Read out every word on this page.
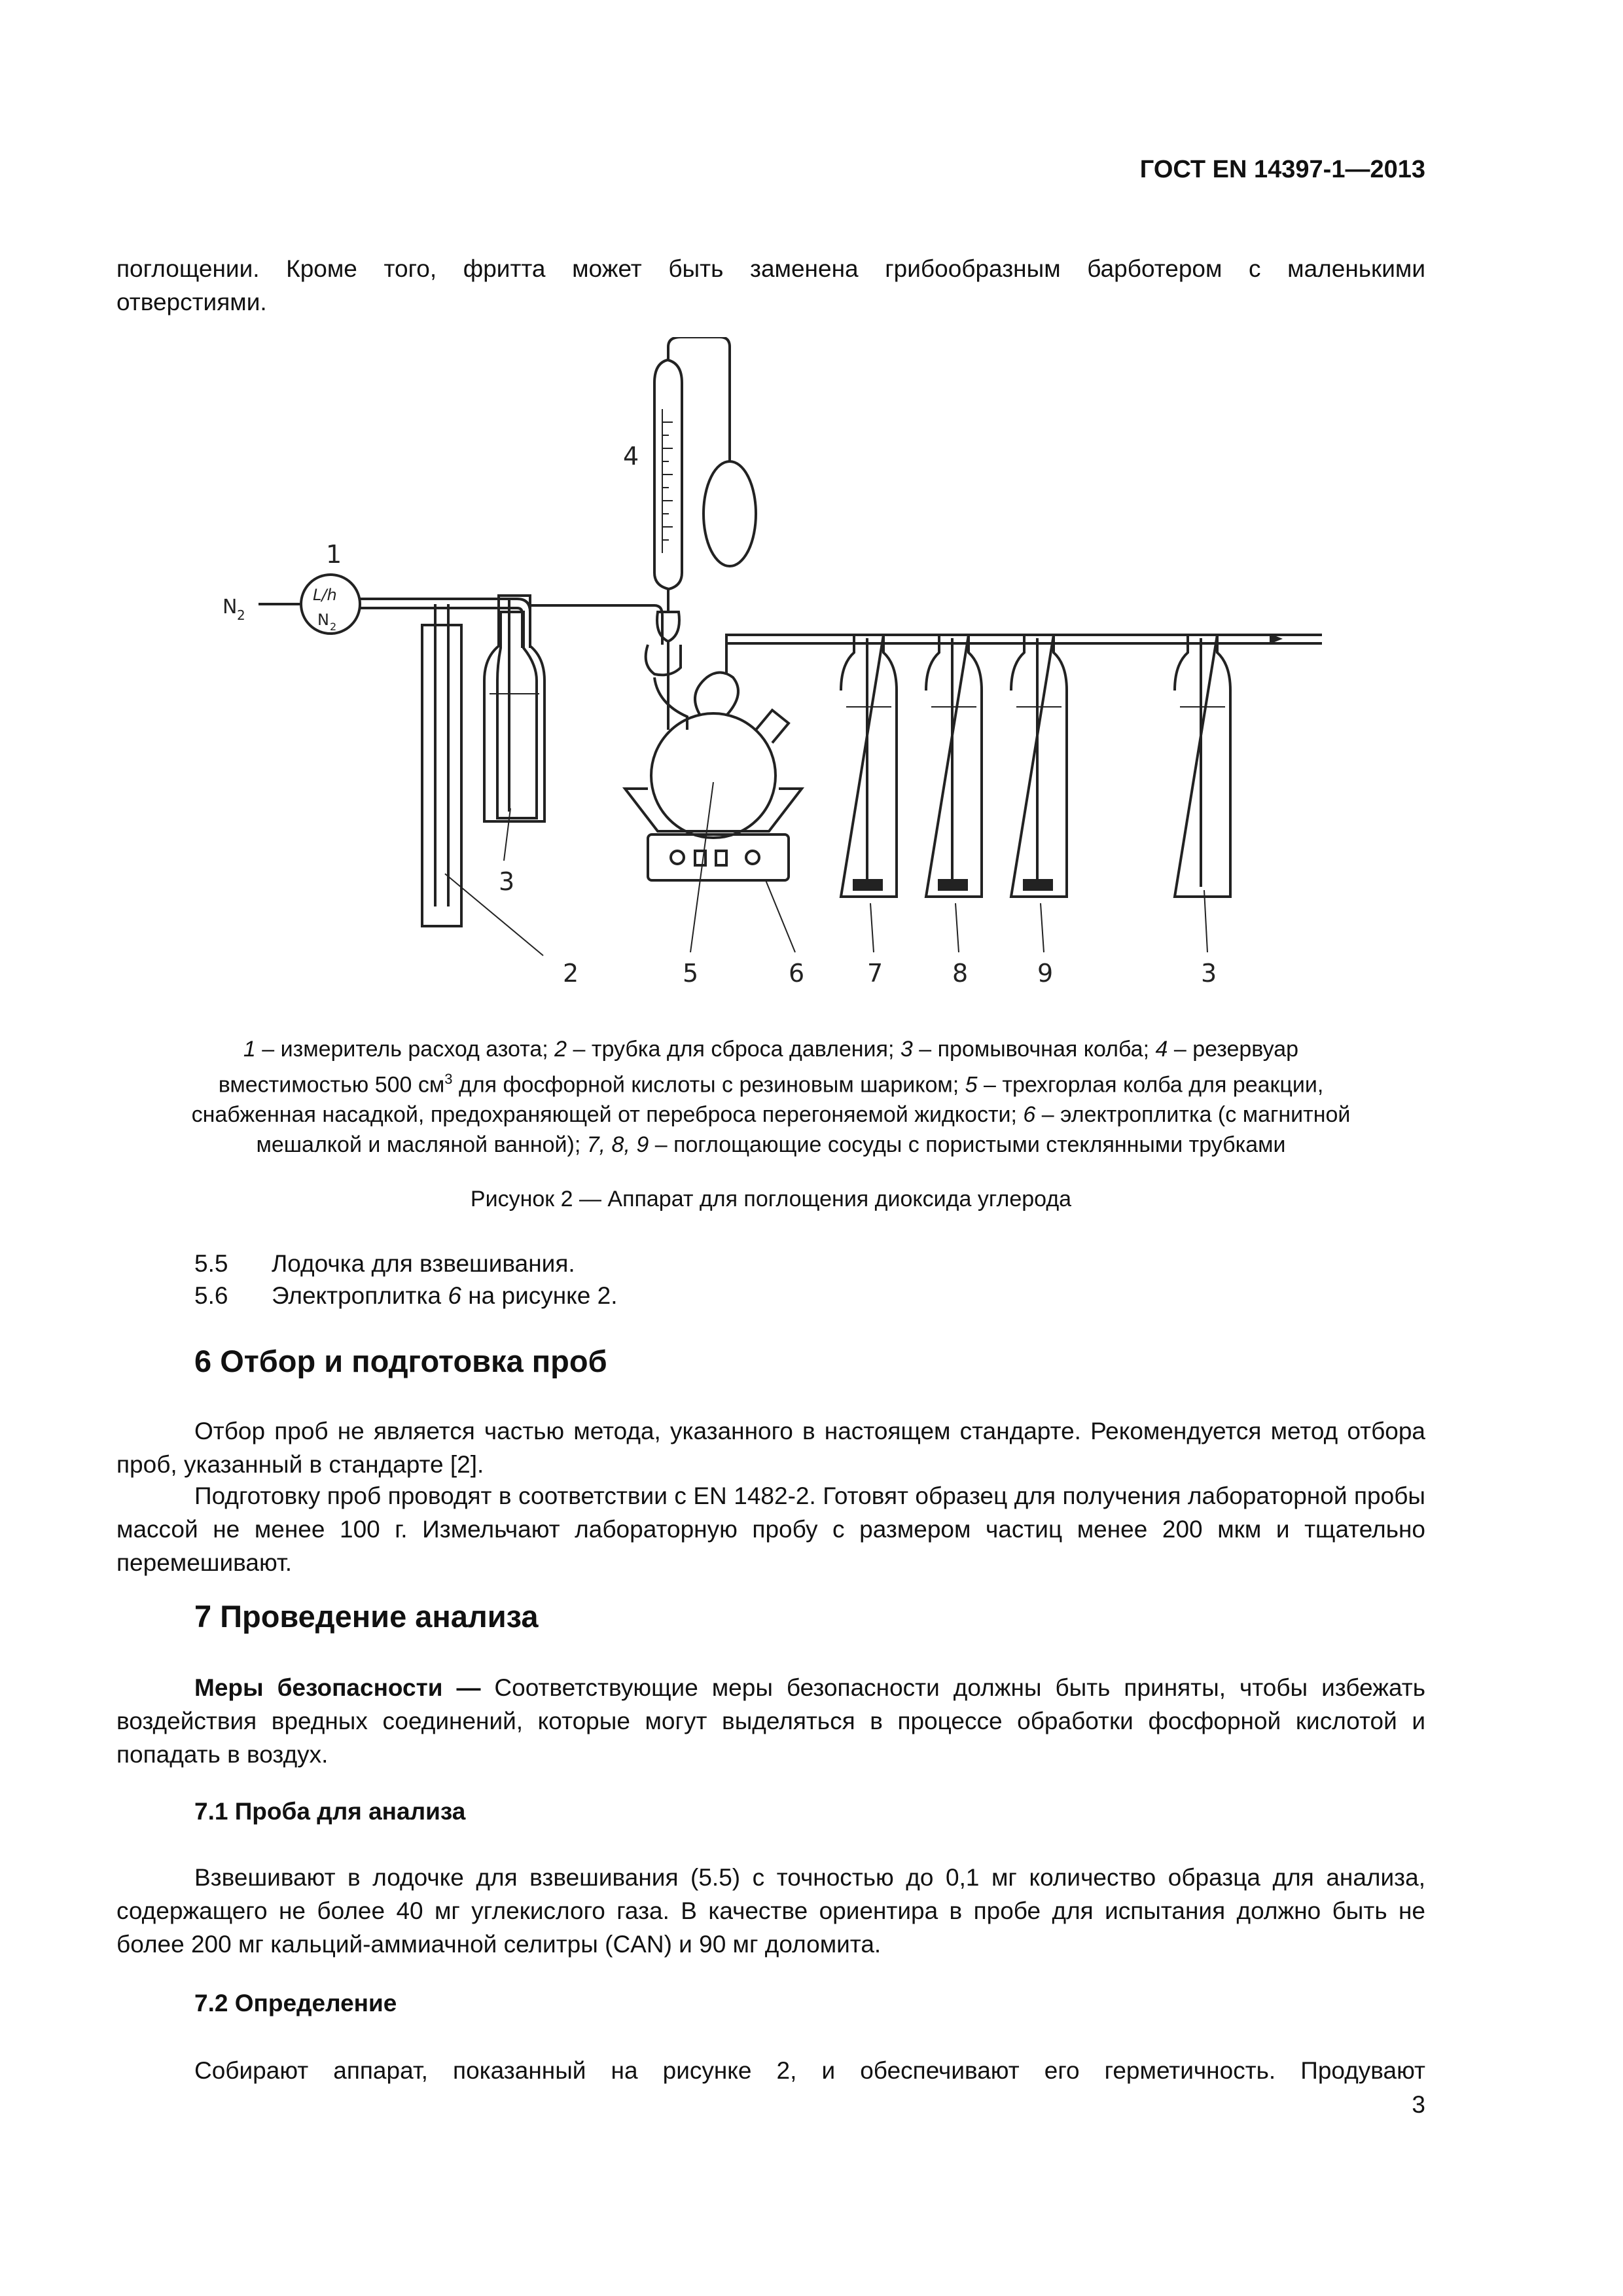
ГОСТ EN 14397-1—2013
поглощении. Кроме того, фритта может быть заменена грибообразным барботером с маленькими
отверстиями.
N 2
L/h
N 2
1
2
3
4
5	6	7	8	9	3
1 – измеритель расход азота; 2 – трубка для сброса давления; 3 – промывочная колба; 4 – резервуар
вместимостью 500 $см^3$ для фосфорной кислоты с резиновым шариком; 5 – трехгорлая колба для реакции,
снабженная насадкой, предохраняющей от переброса перегоняемой жидкости; 6 – электроплитка (с магнитной
мешалкой и масляной ванной); 7, 8, 9 – поглощающие сосуды с пористыми стеклянными трубками
Рисунок 2 — Аппарат для поглощения диоксида углерода
5.5 Лодочка для взвешивания.
5.6 Электроплитка 6 на рисунке 2.
6 Отбор и подготовка проб
Отбор проб не является частью метода, указанного в настоящем стандарте. Рекомендуется метод отбора проб, указанный в стандарте [2].
Подготовку проб проводят в соответствии с EN 1482-2. Готовят образец для получения лабораторной пробы массой не менее 100 г. Измельчают лабораторную пробу с размером частиц менее 200 мкм и тщательно перемешивают.
7 Проведение анализа
Меры безопасности — Соответствующие меры безопасности должны быть приняты, чтобы избежать воздействия вредных соединений, которые могут выделяться в процессе обработки фосфорной кислотой и попадать в воздух.
7.1 Проба для анализа
Взвешивают в лодочке для взвешивания (5.5) с точностью до 0,1 мг количество образца для анализа, содержащего не более 40 мг углекислого газа. В качестве ориентира в пробе для испытания должно быть не более 200 мг кальций-аммиачной селитры (CAN) и 90 мг доломита.
7.2 Определение
Собирают аппарат, показанный на рисунке 2, и обеспечивают его герметичность. Продувают
3
